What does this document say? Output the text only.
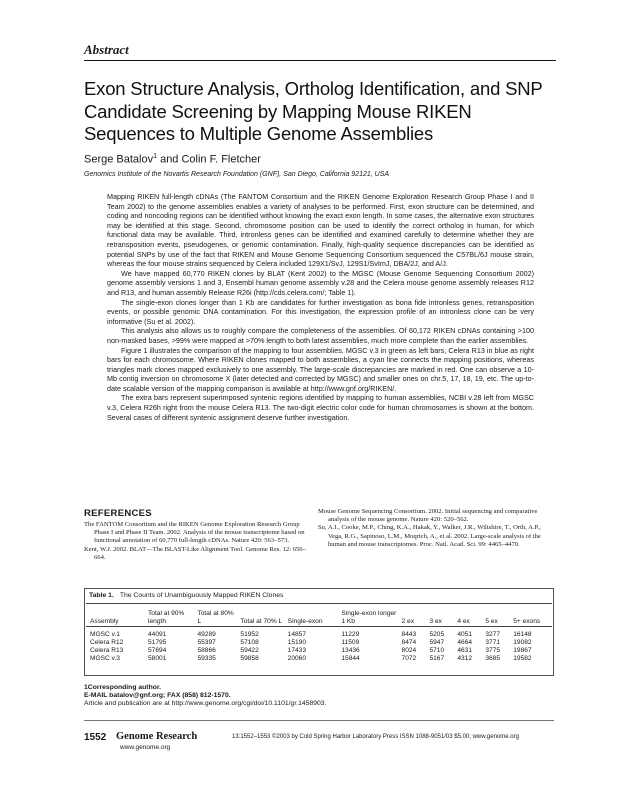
Abstract
Exon Structure Analysis, Ortholog Identification, and SNP Candidate Screening by Mapping Mouse RIKEN Sequences to Multiple Genome Assemblies
Serge Batalov$^1$ and Colin F. Fletcher
Genomics Institute of the Novartis Research Foundation (GNF), San Diego, California 92121, USA

Mapping RIKEN full-length cDNAs (The FANTOM Consortium and the RIKEN Genome Exploration Research Group Phase I and II Team 2002) to the genome assemblies enables a variety of analyses to be performed. First, exon structure can be determined, and coding and noncoding regions can be identified without knowing the exact exon length. In some cases, the alternative exon structures may be identified at this stage. Second, chromosome position can be used to identify the correct ortholog in human, for which functional data may be available. Third, intronless genes can be identified and examined carefully to determine whether they are retransposition events, pseudogenes, or genomic contamination. Finally, high-quality sequence discrepancies can be identified as potential SNPs by use of the fact that RIKEN and Mouse Genome Sequencing Consortium sequenced the C57BL/6J mouse strain, whereas the four mouse strains sequenced by Celera included 129X1/SvJ, 129S1/SvImJ, DBA/2J, and A/J.

We have mapped 60,770 RIKEN clones by BLAT (Kent 2002) to the MGSC (Mouse Genome Sequencing Consortium 2002) genome assembly versions 1 and 3, Ensembl human genome assembly v.28 and the Celera mouse genome assembly releases R12 and R13, and human assembly Release R26i (http://cds.celera.com/; Table 1).

The single-exon clones longer than 1 Kb are candidates for further investigation as bona fide intronless genes, retransposition events, or possible genomic DNA contamination. For this investigation, the expression profile of an intronless clone can be very informative (Su et al. 2002).

This analysis also allows us to roughly compare the completeness of the assemblies. Of 60,172 RIKEN cDNAs containing >100 non-masked bases, >99% were mapped at >70% length to both latest assemblies, much more complete than the earlier assemblies.

Figure 1 illustrates the comparison of the mapping to four assemblies. MGSC v.3 in green as left bars, Celera R13 in blue as right bars for each chromosome. Where RIKEN clones mapped to both assemblies, a cyan line connects the mapping positions, whereas triangles mark clones mapped exclusively to one assembly. The large-scale discrepancies are marked in red. One can observe a 10-Mb contig inversion on chromosome X (later detected and corrected by MGSC) and smaller ones on chr.5, 17, 18, 19, etc. The up-to-date scalable version of the mapping comparison is available at http://www.gnf.org/RIKEN/.

The extra bars represent superimposed syntenic regions identified by mapping to human assemblies, NCBI v.28 left from MGSC v.3, Celera R26h right from the mouse Celera R13. The two-digit electric color code for human chromosomes is shown at the bottom. Several cases of different syntenic assignment deserve further investigation.

REFERENCES
The FANTOM Consortium and the RIKEN Genome Exploration Research Group Phase I and Phase II Team. 2002. Analysis of the mouse transcriptome based on functional annotation of 60,770 full-length cDNAs. Nature 420: 563–573.
Kent, W.J. 2002. BLAT—The BLAST-Like Alignment Tool. Genome Res. 12: 656–664.
Mouse Genome Sequencing Consortium. 2002. Initial sequencing and comparative analysis of the mouse genome. Nature 420: 520–562.
Su, A.I., Cooke, M.P., Ching, K.A., Hakak, Y., Walker, J.R., Wiltshire, T., Orth, A.P., Vega, R.G., Sapinoso, L.M., Moqrich, A., et al. 2002. Large-scale analysis of the human and mouse transcriptomes. Proc. Natl. Acad. Sci. 99: 4465–4470.
Table 1. The Counts of Unambiguously Mapped RIKEN Clones
Assembly	Total at 90% length	Total at 80% L	Total at 70% L	Single-exon	Single-exon longer 1 Kb	2 ex	3 ex	4 ex	5 ex	5+ exons

MGSC v.1	44091	49289	51952	14857	11229	8443	5205	4051	3277	16148
Celera R12	51795	55397	57108	15190	11509	8474	5947	4664	3771	19082
Celera R13	57694	58866	59422	17433	13436	8024	5710	4631	3775	19867
MGSC v.3	58001	59335	59858	20060	15844	7072	5167	4312	3685	19582
1Corresponding author.
E-MAIL batalov@gnf.org; FAX (858) 812-1570.
Article and publication are at http://www.genome.org/cgi/doi/10.1101/gr.1458903.
1552 Genome Research
www.genome.org
13:1552–1553 ©2003 by Cold Spring Harbor Laboratory Press ISSN 1088-9051/03 $5.00; www.genome.org
